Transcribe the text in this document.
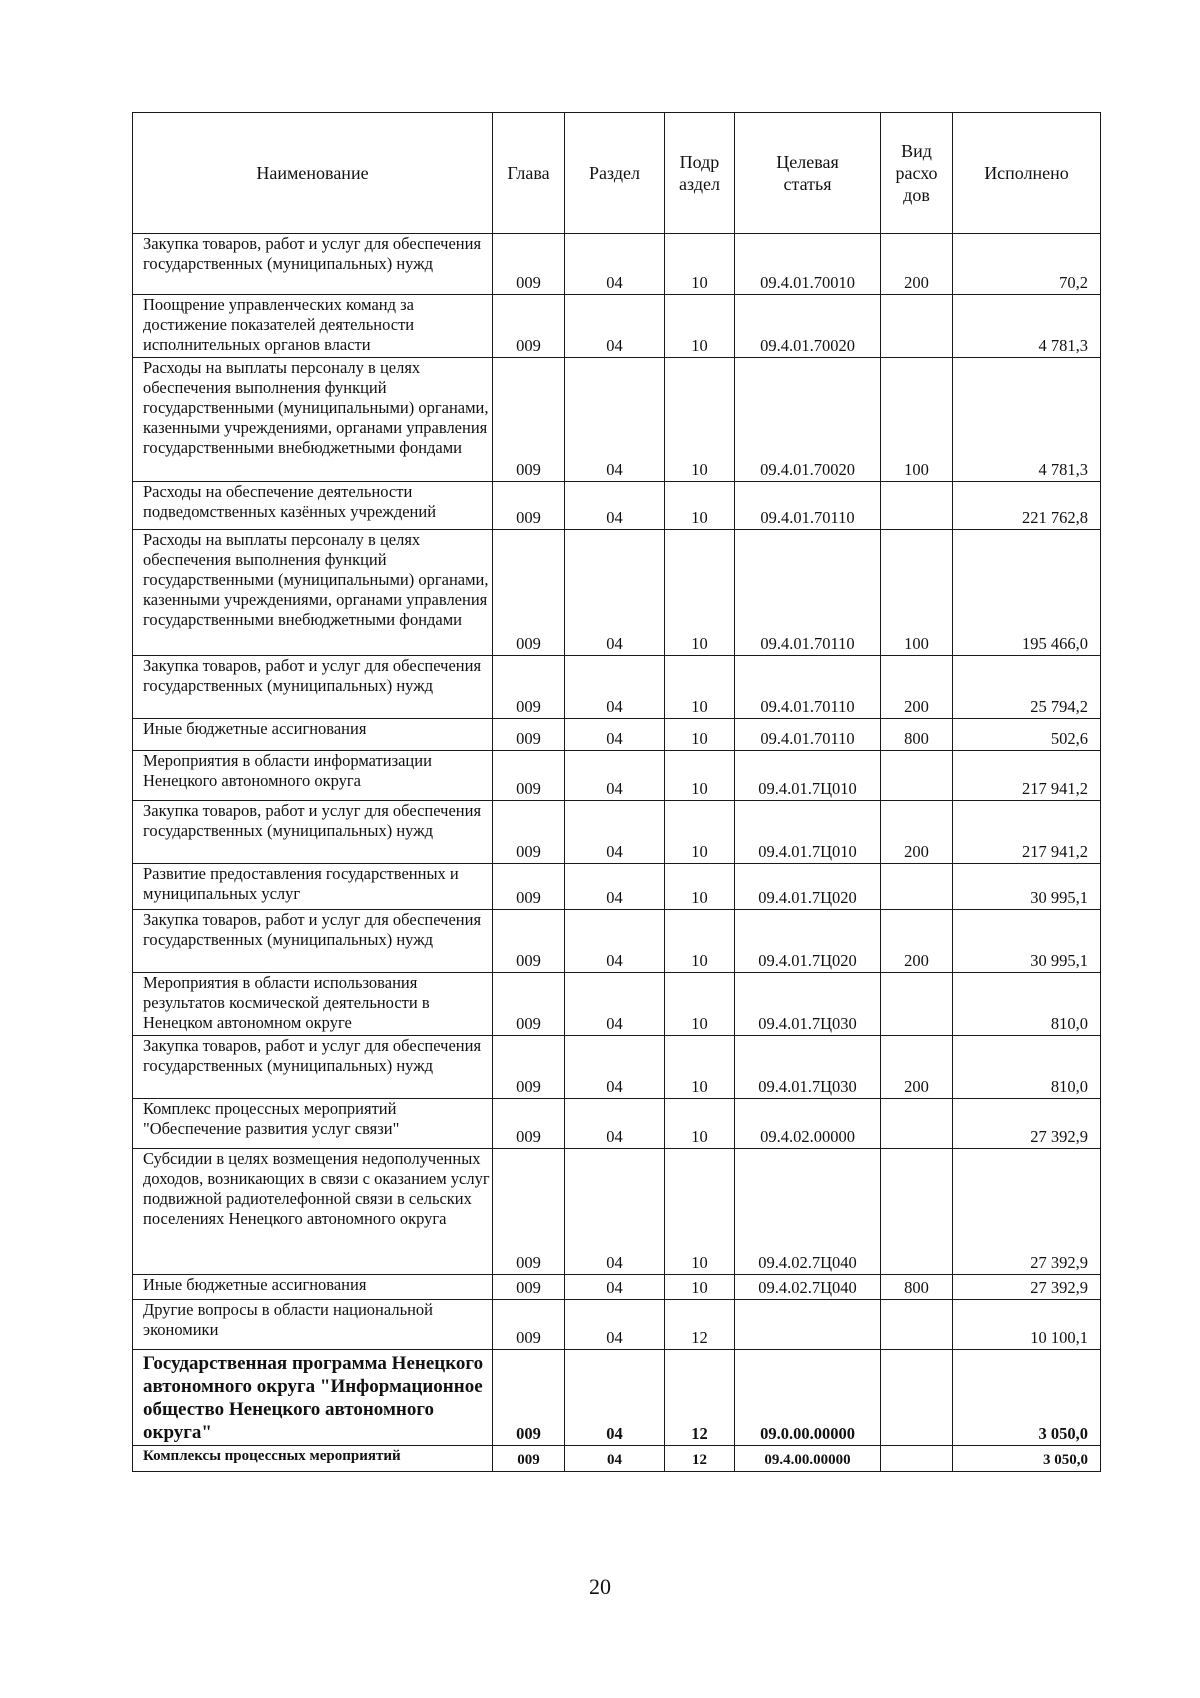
Наименование	Глава	Раздел	Подр аздел	Целевая статья	Вид расхо дов	Исполнено
Закупка товаров, работ и услуг для обеспечения государственных (муниципальных) нужд	009	04	10	09.4.01.70010	200	70,2
Поощрение управленческих команд за достижение показателей деятельности исполнительных органов власти	009	04	10	09.4.01.70020		4 781,3
Расходы на выплаты персоналу в целях обеспечения выполнения функций государственными (муниципальными) органами, казенными учреждениями, органами управления государственными внебюджетными фондами	009	04	10	09.4.01.70020	100	4 781,3
Расходы на обеспечение деятельности подведомственных казённых учреждений	009	04	10	09.4.01.70110		221 762,8
Расходы на выплаты персоналу в целях обеспечения выполнения функций государственными (муниципальными) органами, казенными учреждениями, органами управления государственными внебюджетными фондами	009	04	10	09.4.01.70110	100	195 466,0
Закупка товаров, работ и услуг для обеспечения государственных (муниципальных) нужд	009	04	10	09.4.01.70110	200	25 794,2
Иные бюджетные ассигнования	009	04	10	09.4.01.70110	800	502,6
Мероприятия в области информатизации Ненецкого автономного округа	009	04	10	09.4.01.7Ц010		217 941,2
Закупка товаров, работ и услуг для обеспечения государственных (муниципальных) нужд	009	04	10	09.4.01.7Ц010	200	217 941,2
Развитие предоставления государственных и муниципальных услуг	009	04	10	09.4.01.7Ц020		30 995,1
Закупка товаров, работ и услуг для обеспечения государственных (муниципальных) нужд	009	04	10	09.4.01.7Ц020	200	30 995,1
Мероприятия в области использования результатов космической деятельности в Ненецком автономном округе	009	04	10	09.4.01.7Ц030		810,0
Закупка товаров, работ и услуг для обеспечения государственных (муниципальных) нужд	009	04	10	09.4.01.7Ц030	200	810,0
Комплекс процессных мероприятий "Обеспечение развития услуг связи"	009	04	10	09.4.02.00000		27 392,9
Субсидии в целях возмещения недополученных доходов, возникающих в связи с оказанием услуг подвижной радиотелефонной связи в сельских поселениях Ненецкого автономного округа	009	04	10	09.4.02.7Ц040		27 392,9
Иные бюджетные ассигнования	009	04	10	09.4.02.7Ц040	800	27 392,9
Другие вопросы в области национальной экономики	009	04	12			10 100,1
Государственная программа Ненецкого автономного округа "Информационное общество Ненецкого автономного округа"	009	04	12	09.0.00.00000		3 050,0
Комплексы процессных мероприятий	009	04	12	09.4.00.00000		3 050,0
20
